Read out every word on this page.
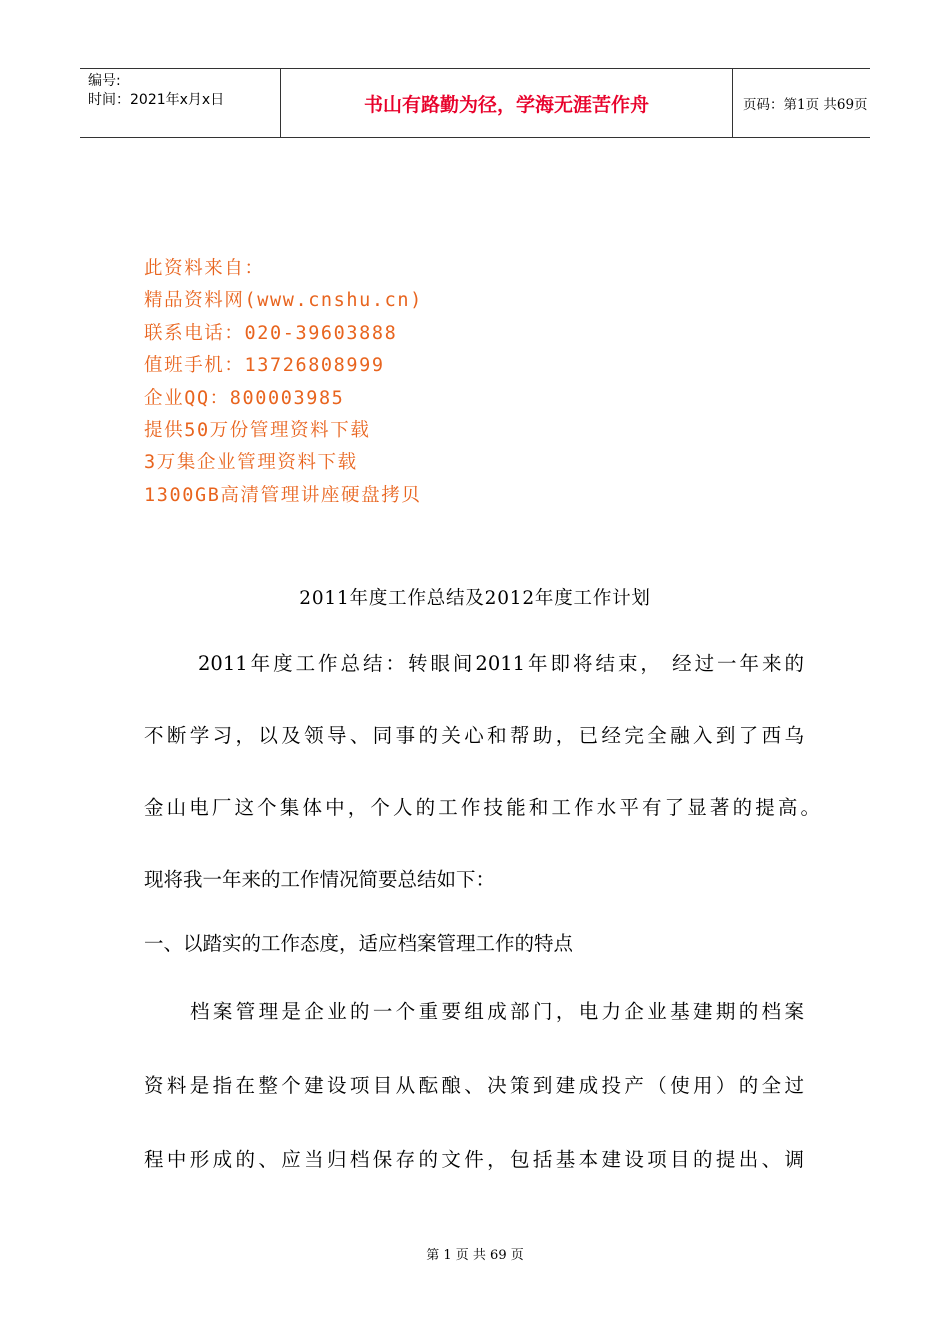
编号:
时间：2021年x月x日	书山有路勤为径，学海无涯苦作舟	页码：第1页 共69页
此资料来自：
精品资料网(www.cnshu.cn)
联系电话：020-39603888
值班手机：13726808999
企业QQ：800003985
提供50万份管理资料下载
3万集企业管理资料下载
1300GB高清管理讲座硬盘拷贝
2011年度工作总结及2012年度工作计划
2011年度工作总结：转眼间2011年即将结束， 经过一年来的
不断学习，以及领导、同事的关心和帮助，已经完全融入到了西乌
金山电厂这个集体中，个人的工作技能和工作水平有了显著的提高。
现将我一年来的工作情况简要总结如下：
一、以踏实的工作态度，适应档案管理工作的特点
档案管理是企业的一个重要组成部门，电力企业基建期的档案
资料是指在整个建设项目从酝酿、决策到建成投产（使用）的全过
程中形成的、应当归档保存的文件，包括基本建设项目的提出、调
第 1 页 共 69 页
